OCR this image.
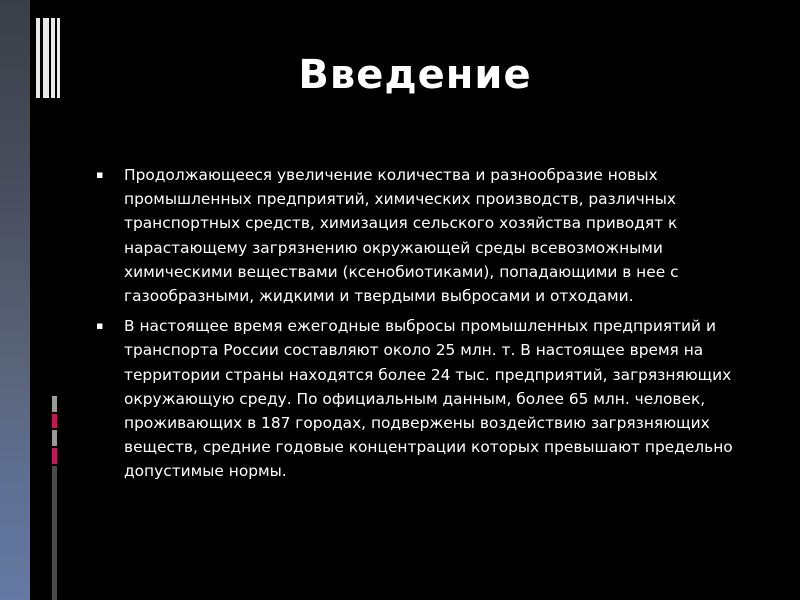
Введение
▪ Продолжающееся увеличение количества и разнообразие новых промышленных предприятий, химических производств, различных транспортных средств, химизация сельского хозяйства приводят к нарастающему загрязнению окружающей среды всевозможными химическими веществами (ксенобиотиками), попадающими в нее с газообразными, жидкими и твердыми выбросами и отходами.
▪ В настоящее время ежегодные выбросы промышленных предприятий и транспорта России составляют около 25 млн. т. В настоящее время на территории страны находятся более 24 тыс. предприятий, загрязняющих окружающую среду. По официальным данным, более 65 млн. человек, проживающих в 187 городах, подвержены воздействию загрязняющих веществ, средние годовые концентрации которых превышают предельно допустимые нормы.
